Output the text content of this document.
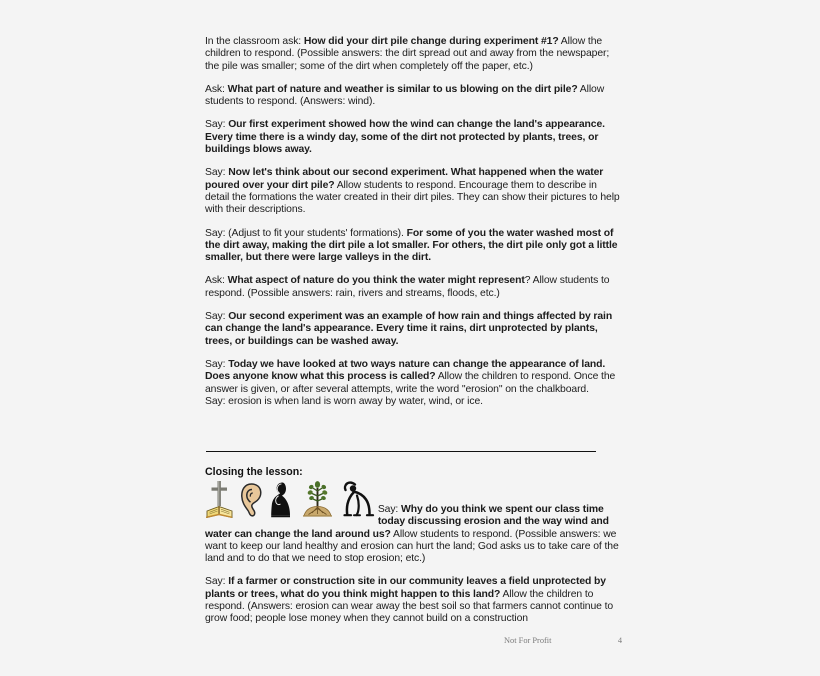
In the classroom ask: How did your dirt pile change during experiment #1? Allow the children to respond. (Possible answers: the dirt spread out and away from the newspaper; the pile was smaller; some of the dirt when completely off the paper, etc.)

Ask: What part of nature and weather is similar to us blowing on the dirt pile? Allow students to respond. (Answers: wind).

Say: Our first experiment showed how the wind can change the land's appearance. Every time there is a windy day, some of the dirt not protected by plants, trees, or buildings blows away.

Say: Now let's think about our second experiment. What happened when the water poured over your dirt pile? Allow students to respond. Encourage them to describe in detail the formations the water created in their dirt piles. They can show their pictures to help with their descriptions.

Say: (Adjust to fit your students' formations). For some of you the water washed most of the dirt away, making the dirt pile a lot smaller. For others, the dirt pile only got a little smaller, but there were large valleys in the dirt.

Ask: What aspect of nature do you think the water might represent? Allow students to respond. (Possible answers: rain, rivers and streams, floods, etc.)

Say: Our second experiment was an example of how rain and things affected by rain can change the land's appearance. Every time it rains, dirt unprotected by plants, trees, or buildings can be washed away.

Say: Today we have looked at two ways nature can change the appearance of land. Does anyone know what this process is called? Allow the children to respond. Once the answer is given, or after several attempts, write the word "erosion" on the chalkboard.

Say: erosion is when land is worn away by water, wind, or ice.

Closing the lesson:

Say: Why do you think we spent our class time today discussing erosion and the way wind and water can change the land around us? Allow students to respond. (Possible answers: we want to keep our land healthy and erosion can hurt the land; God asks us to take care of the land and to do that we need to stop erosion; etc.)

Say: If a farmer or construction site in our community leaves a field unprotected by plants or trees, what do you think might happen to this land? Allow the children to respond. (Answers: erosion can wear away the best soil so that farmers cannot continue to grow food; people lose money when they cannot build on a construction

Not For Profit	4
